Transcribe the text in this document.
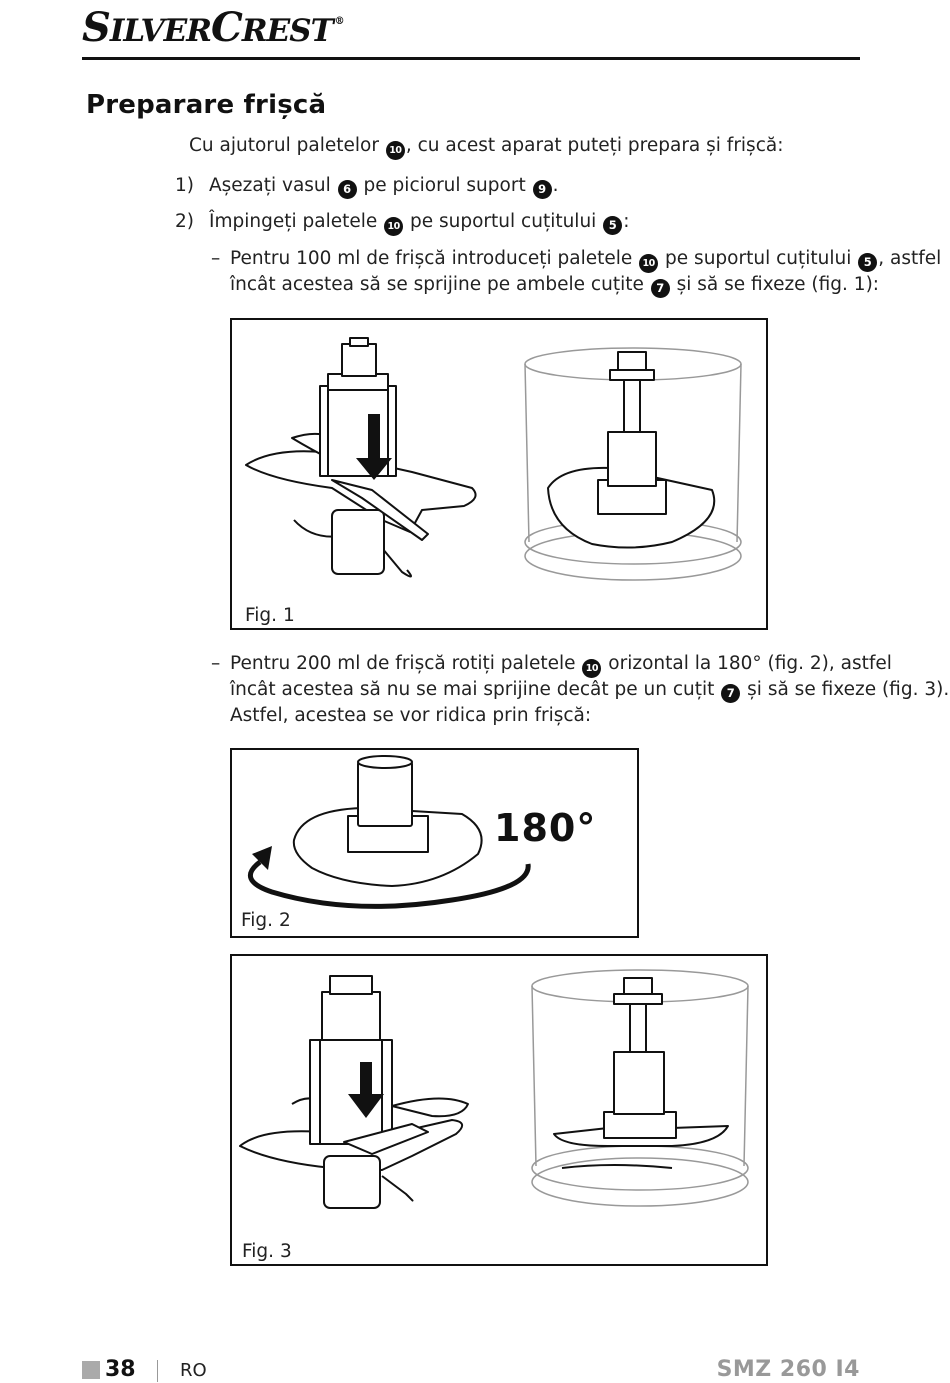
SILVERCREST ®
Preparare frișcă
Cu ajutorul paletelor 10 , cu acest aparat puteți prepara și frișcă:
1) Așezați vasul 6 pe piciorul suport 9 .
2) Împingeți paletele 10 pe suportul cuțitului 5 :
– Pentru 100 ml de frișcă introduceți paletele 10 pe suportul cuțitului 5 , astfel
încât acestea să se sprijine pe ambele cuțite 7 și să se fixeze (fig. 1):
Fig. 1
– Pentru 200 ml de frișcă rotiți paletele 10 orizontal la 180° (fig. 2), astfel
încât acestea să nu se mai sprijine decât pe un cuțit 7 și să se fixeze (fig. 3).
Astfel, acestea se vor ridica prin frișcă:
180°
Fig. 2
Fig. 3
38 RO	SMZ 260 I4
